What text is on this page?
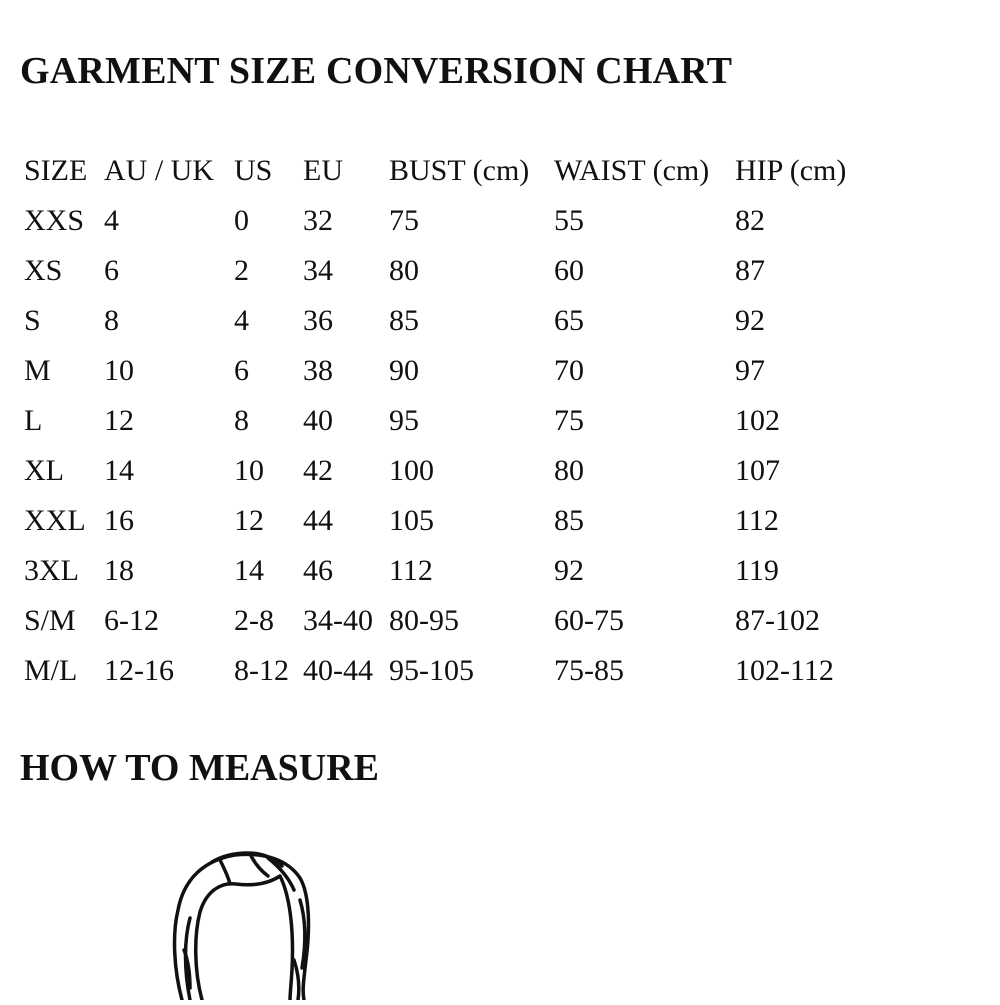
GARMENT SIZE CONVERSION CHART
SIZE	AU / UK	US	EU	BUST (cm)	WAIST (cm)	HIP (cm)
XXS	4	0	32	75	55	82
XS	6	2	34	80	60	87
S	8	4	36	85	65	92
M	10	6	38	90	70	97
L	12	8	40	95	75	102
XL	14	10	42	100	80	107
XXL	16	12	44	105	85	112
3XL	18	14	46	112	92	119
S/M	6-12	2-8	34-40	80-95	60-75	87-102
M/L	12-16	8-12	40-44	95-105	75-85	102-112
HOW TO MEASURE
